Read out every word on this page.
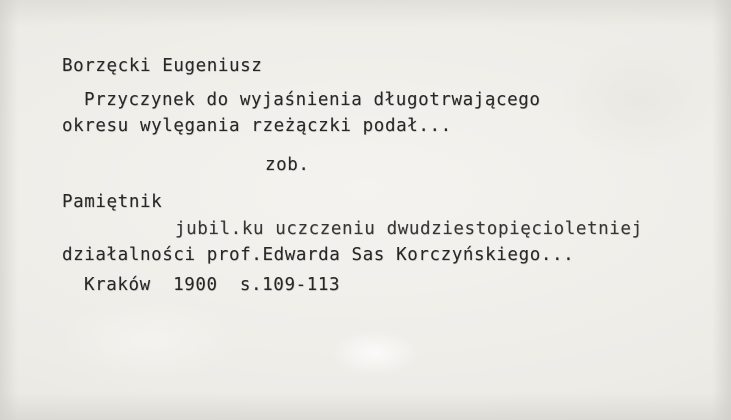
Borzęcki Eugeniusz

Przyczynek do wyjaśnienia długotrwającego

okresu wylęgania rzeżączki podał...

zob.

Pamiętnik

jubil.ku uczczeniu dwudziestopięcioletniej

działalności prof.Edwarda Sas Korczyńskiego...

Kraków  1900  s.109-113
